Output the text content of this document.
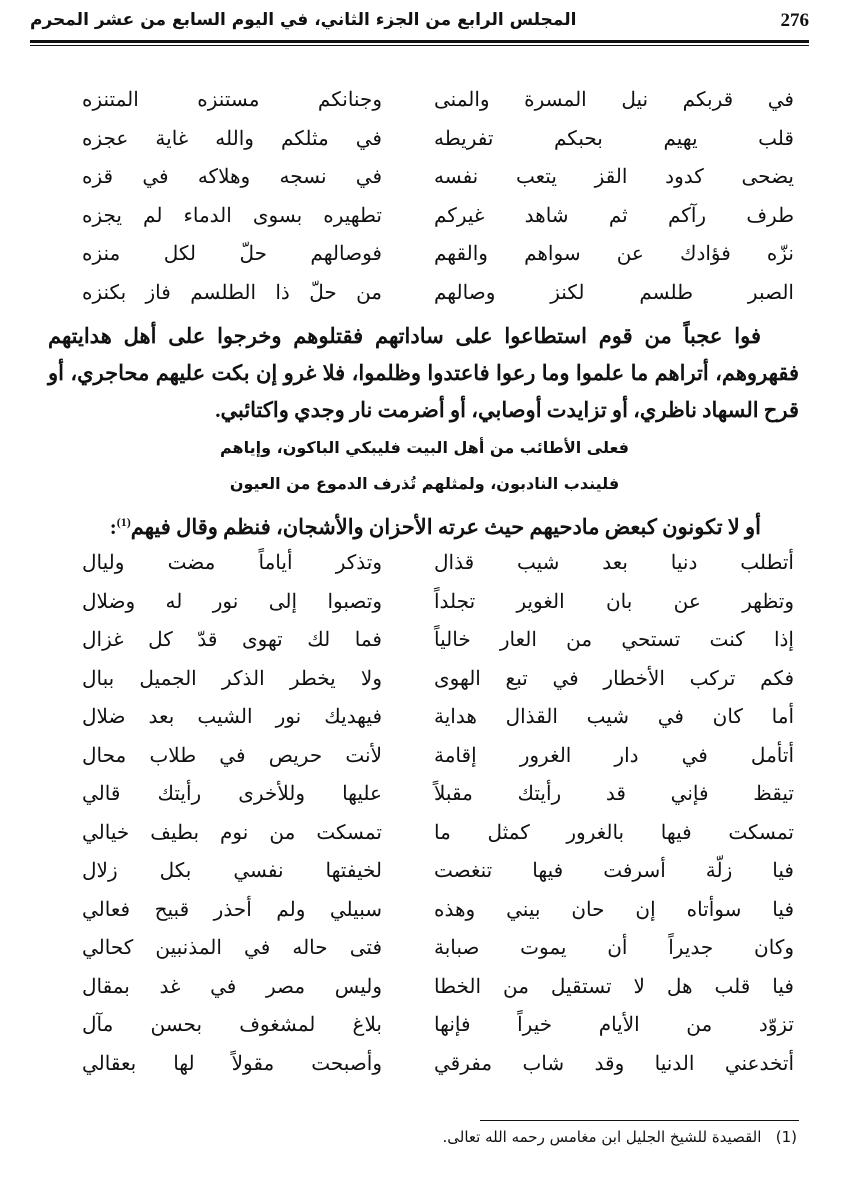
276
المجلس الرابع من الجزء الثاني، في اليوم السابع من عشر المحرم
في قربكم نيل المسرة والمنى
وجنانكم مستنزه المتنزه
قلب يهيم بحبكم تفريطه
في مثلكم والله غاية عجزه
يضحى كدود القز يتعب نفسه
في نسجه وهلاكه في قزه
طرف رآكم ثم شاهد غيركم
تطهيره بسوى الدماء لم يجزه
نزّه فؤادك عن سواهم والقهم
فوصالهم حلّ لكل منزه
الصبر طلسم لكنز وصالهم
من حلّ ذا الطلسم فاز بكنزه

فوا عجباً من قوم استطاعوا على ساداتهم فقتلوهم وخرجوا على أهل هدايتهم فقهروهم، أتراهم ما علموا وما رعوا فاعتدوا وظلموا، فلا غرو إن بكت عليهم محاجري، أو قرح السهاد ناظري، أو تزايدت أوصابي، أو أضرمت نار وجدي واكتائبي.

فعلى الأطائب من أهل البيت فليبكي الباكون، وإياهم
فليندب النادبون، ولمثلهم تُذرف الدموع من العيون

أو لا تكونون كبعض مادحيهم حيث عرته الأحزان والأشجان، فنظم وقال فيهم$^{(1)}$:

أتطلب دنيا بعد شيب قذال
وتذكر أياماً مضت وليال
وتظهر عن بان الغوير تجلداً
وتصبوا إلى نور له وضلال
إذا كنت تستحي من العار خالياً
فما لك تهوى قدّ كل غزال
فكم تركب الأخطار في تبع الهوى
ولا يخطر الذكر الجميل ببال
أما كان في شيب القذال هداية
فيهديك نور الشيب بعد ضلال
أتأمل في دار الغرور إقامة
لأنت حريص في طلاب محال
تيقظ فإني قد رأيتك مقبلاً
عليها وللأخرى رأيتك قالي
تمسكت فيها بالغرور كمثل ما
تمسكت من نوم بطيف خيالي
فيا زلّة أسرفت فيها تنغصت
لخيفتها نفسي بكل زلال
فيا سوأتاه إن حان بيني وهذه
سبيلي ولم أحذر قبيح فعالي
وكان جديراً أن يموت صبابة
فتى حاله في المذنبين كحالي
فيا قلب هل لا تستقيل من الخطا
وليس مصر في غد بمقال
تزوّد من الأيام خيراً فإنها
بلاغ لمشغوف بحسن مآل
أتخدعني الدنيا وقد شاب مفرقي
وأصبحت مقولاً لها بعقالي
(1)   القصيدة للشيخ الجليل ابن مغامس رحمه الله تعالى.
